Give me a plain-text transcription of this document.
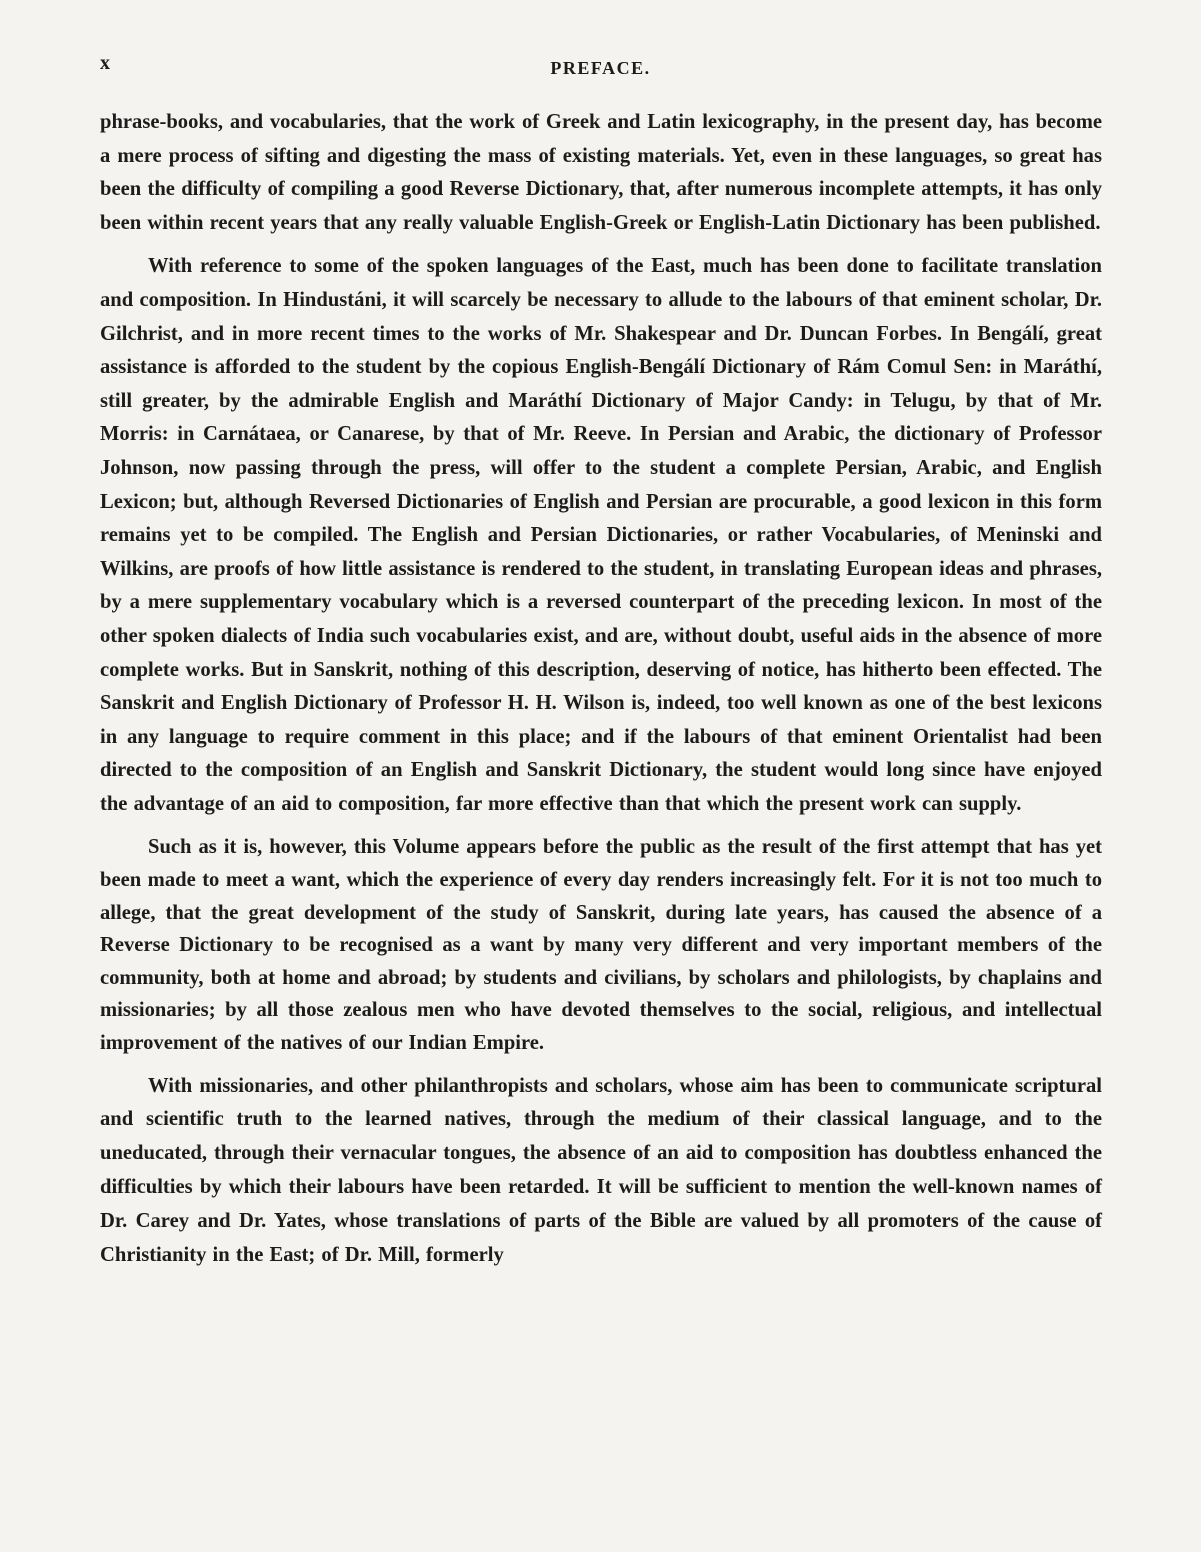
x	PREFACE.

phrase-books, and vocabularies, that the work of Greek and Latin lexicography, in the present day, has become a mere process of sifting and digesting the mass of existing materials. Yet, even in these languages, so great has been the difficulty of compiling a good Reverse Dictionary, that, after numerous incomplete attempts, it has only been within recent years that any really valuable English-Greek or English-Latin Dictionary has been published.

With reference to some of the spoken languages of the East, much has been done to facilitate translation and composition. In Hindustáni, it will scarcely be necessary to allude to the labours of that eminent scholar, Dr. Gilchrist, and in more recent times to the works of Mr. Shakespear and Dr. Duncan Forbes. In Bengálí, great assistance is afforded to the student by the copious English-Bengálí Dictionary of Rám Comul Sen: in Maráthí, still greater, by the admirable English and Maráthí Dictionary of Major Candy: in Telugu, by that of Mr. Morris: in Carnátaea, or Canarese, by that of Mr. Reeve. In Persian and Arabic, the dictionary of Professor Johnson, now passing through the press, will offer to the student a complete Persian, Arabic, and English Lexicon; but, although Reversed Dictionaries of English and Persian are procurable, a good lexicon in this form remains yet to be compiled. The English and Persian Dictionaries, or rather Vocabularies, of Meninski and Wilkins, are proofs of how little assistance is rendered to the student, in translating European ideas and phrases, by a mere supplementary vocabulary which is a reversed counterpart of the preceding lexicon. In most of the other spoken dialects of India such vocabularies exist, and are, without doubt, useful aids in the absence of more complete works. But in Sanskrit, nothing of this description, deserving of notice, has hitherto been effected. The Sanskrit and English Dictionary of Professor H. H. Wilson is, indeed, too well known as one of the best lexicons in any language to require comment in this place; and if the labours of that eminent Orientalist had been directed to the composition of an English and Sanskrit Dictionary, the student would long since have enjoyed the advantage of an aid to composition, far more effective than that which the present work can supply.

Such as it is, however, this Volume appears before the public as the result of the first attempt that has yet been made to meet a want, which the experience of every day renders increasingly felt. For it is not too much to allege, that the great development of the study of Sanskrit, during late years, has caused the absence of a Reverse Dictionary to be recognised as a want by many very different and very important members of the community, both at home and abroad; by students and civilians, by scholars and philologists, by chaplains and missionaries; by all those zealous men who have devoted themselves to the social, religious, and intellectual improvement of the natives of our Indian Empire.

With missionaries, and other philanthropists and scholars, whose aim has been to communicate scriptural and scientific truth to the learned natives, through the medium of their classical language, and to the uneducated, through their vernacular tongues, the absence of an aid to composition has doubtless enhanced the difficulties by which their labours have been retarded. It will be sufficient to mention the well-known names of Dr. Carey and Dr. Yates, whose translations of parts of the Bible are valued by all promoters of the cause of Christianity in the East; of Dr. Mill, formerly
